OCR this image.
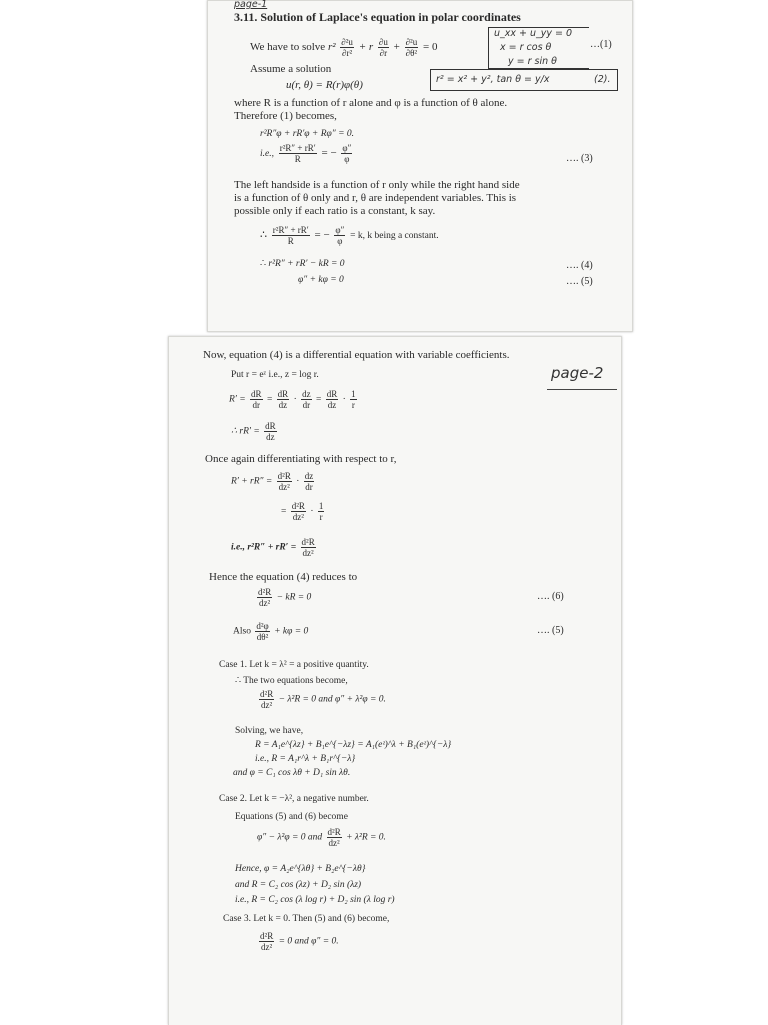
page-1
3.11. Solution of Laplace's equation in polar coordinates
We have to solve $r^2 \frac{\text{∂²u}}{\text{∂r²}} + r \frac{\partial u}{\partial r} + \frac{\text{∂²u}}{\text{∂θ²}} = 0$
u_xx + u_yy = 0
x = r cos θ
y = r sin θ
…(1)
Assume a solution
u(r, θ) = R(r)φ(θ)	r² = x² + y², tan θ = y/x	(2).
where R is a function of r alone and φ is a function of θ alone.
Therefore (1) becomes,
r²R″φ + rR′φ + Rφ″ = 0.
i.e., $\frac{\text{r²R″ + rR′}}{R}$ = − $\frac{\varphi''}{\varphi}$	…. (3)
The left handside is a function of r only while the right hand side
is a function of θ only and r, θ are independent variables. This is
possible only if each ratio is a constant, k say.
∴ $\frac{\text{r²R″ + rR′}}{R}$ = − $\frac{\varphi''}{\varphi} = k$, k being a constant.
∴ r²R″ + rR′ − kR = 0	…. (4)
φ″ + kφ = 0	…. (5)
Now, equation (4) is a differential equation with variable coefficients.
page-2
Put r = eᶻ i.e., z = log r.
$R' = \frac{dR}{dr} = \frac{dR}{dz} \cdot \frac{dz}{dr} = \frac{dR}{dz} \cdot \frac{1}{r}$
∴ $rR' = \frac{dR}{dz}$
Once again differentiating with respect to r,
$R' + rR'' = \frac{\text{d²R}}{\text{dz²}} \cdot \frac{dz}{dr}$
= $\frac{\text{d²R}}{\text{dz²}} \cdot \frac{1}{r}$
i.e., $r^2R'' + rR' = \frac{\text{d²R}}{\text{dz²}}$
Hence the equation (4) reduces to
$\frac{\text{d²R}}{\text{dz²}}$ − kR = 0	…. (6)
Also $\frac{\text{d²φ}}{\text{dθ²}} + k\varphi = 0$	…. (5)
Case 1. Let k = λ² = a positive quantity.
∴ The two equations become,
$\frac{\text{d²R}}{\text{dz²}} - \lambda^2R = 0$ and φ″ + λ²φ = 0.
Solving, we have,
R = A₁e^{λz} + B₁e^{−λz} = A₁(eᶻ)^λ + B₁(eᶻ)^{−λ}
i.e., R = A₁r^λ + B₁r^{−λ}
and φ = C₁ cos λθ + D₁ sin λθ.
Case 2. Let k = −λ², a negative number.
Equations (5) and (6) become
φ″ − λ²φ = 0 and $\frac{\text{d²R}}{\text{dz²}} + \lambda^2R = 0$.
Hence, φ = A₂e^{λθ} + B₂e^{−λθ}
and R = C₂ cos (λz) + D₂ sin (λz)
i.e., R = C₂ cos (λ log r) + D₂ sin (λ log r)
Case 3. Let k = 0. Then (5) and (6) become,
$\frac{\text{d²R}}{\text{dz²}} = 0$ and φ″ = 0.
